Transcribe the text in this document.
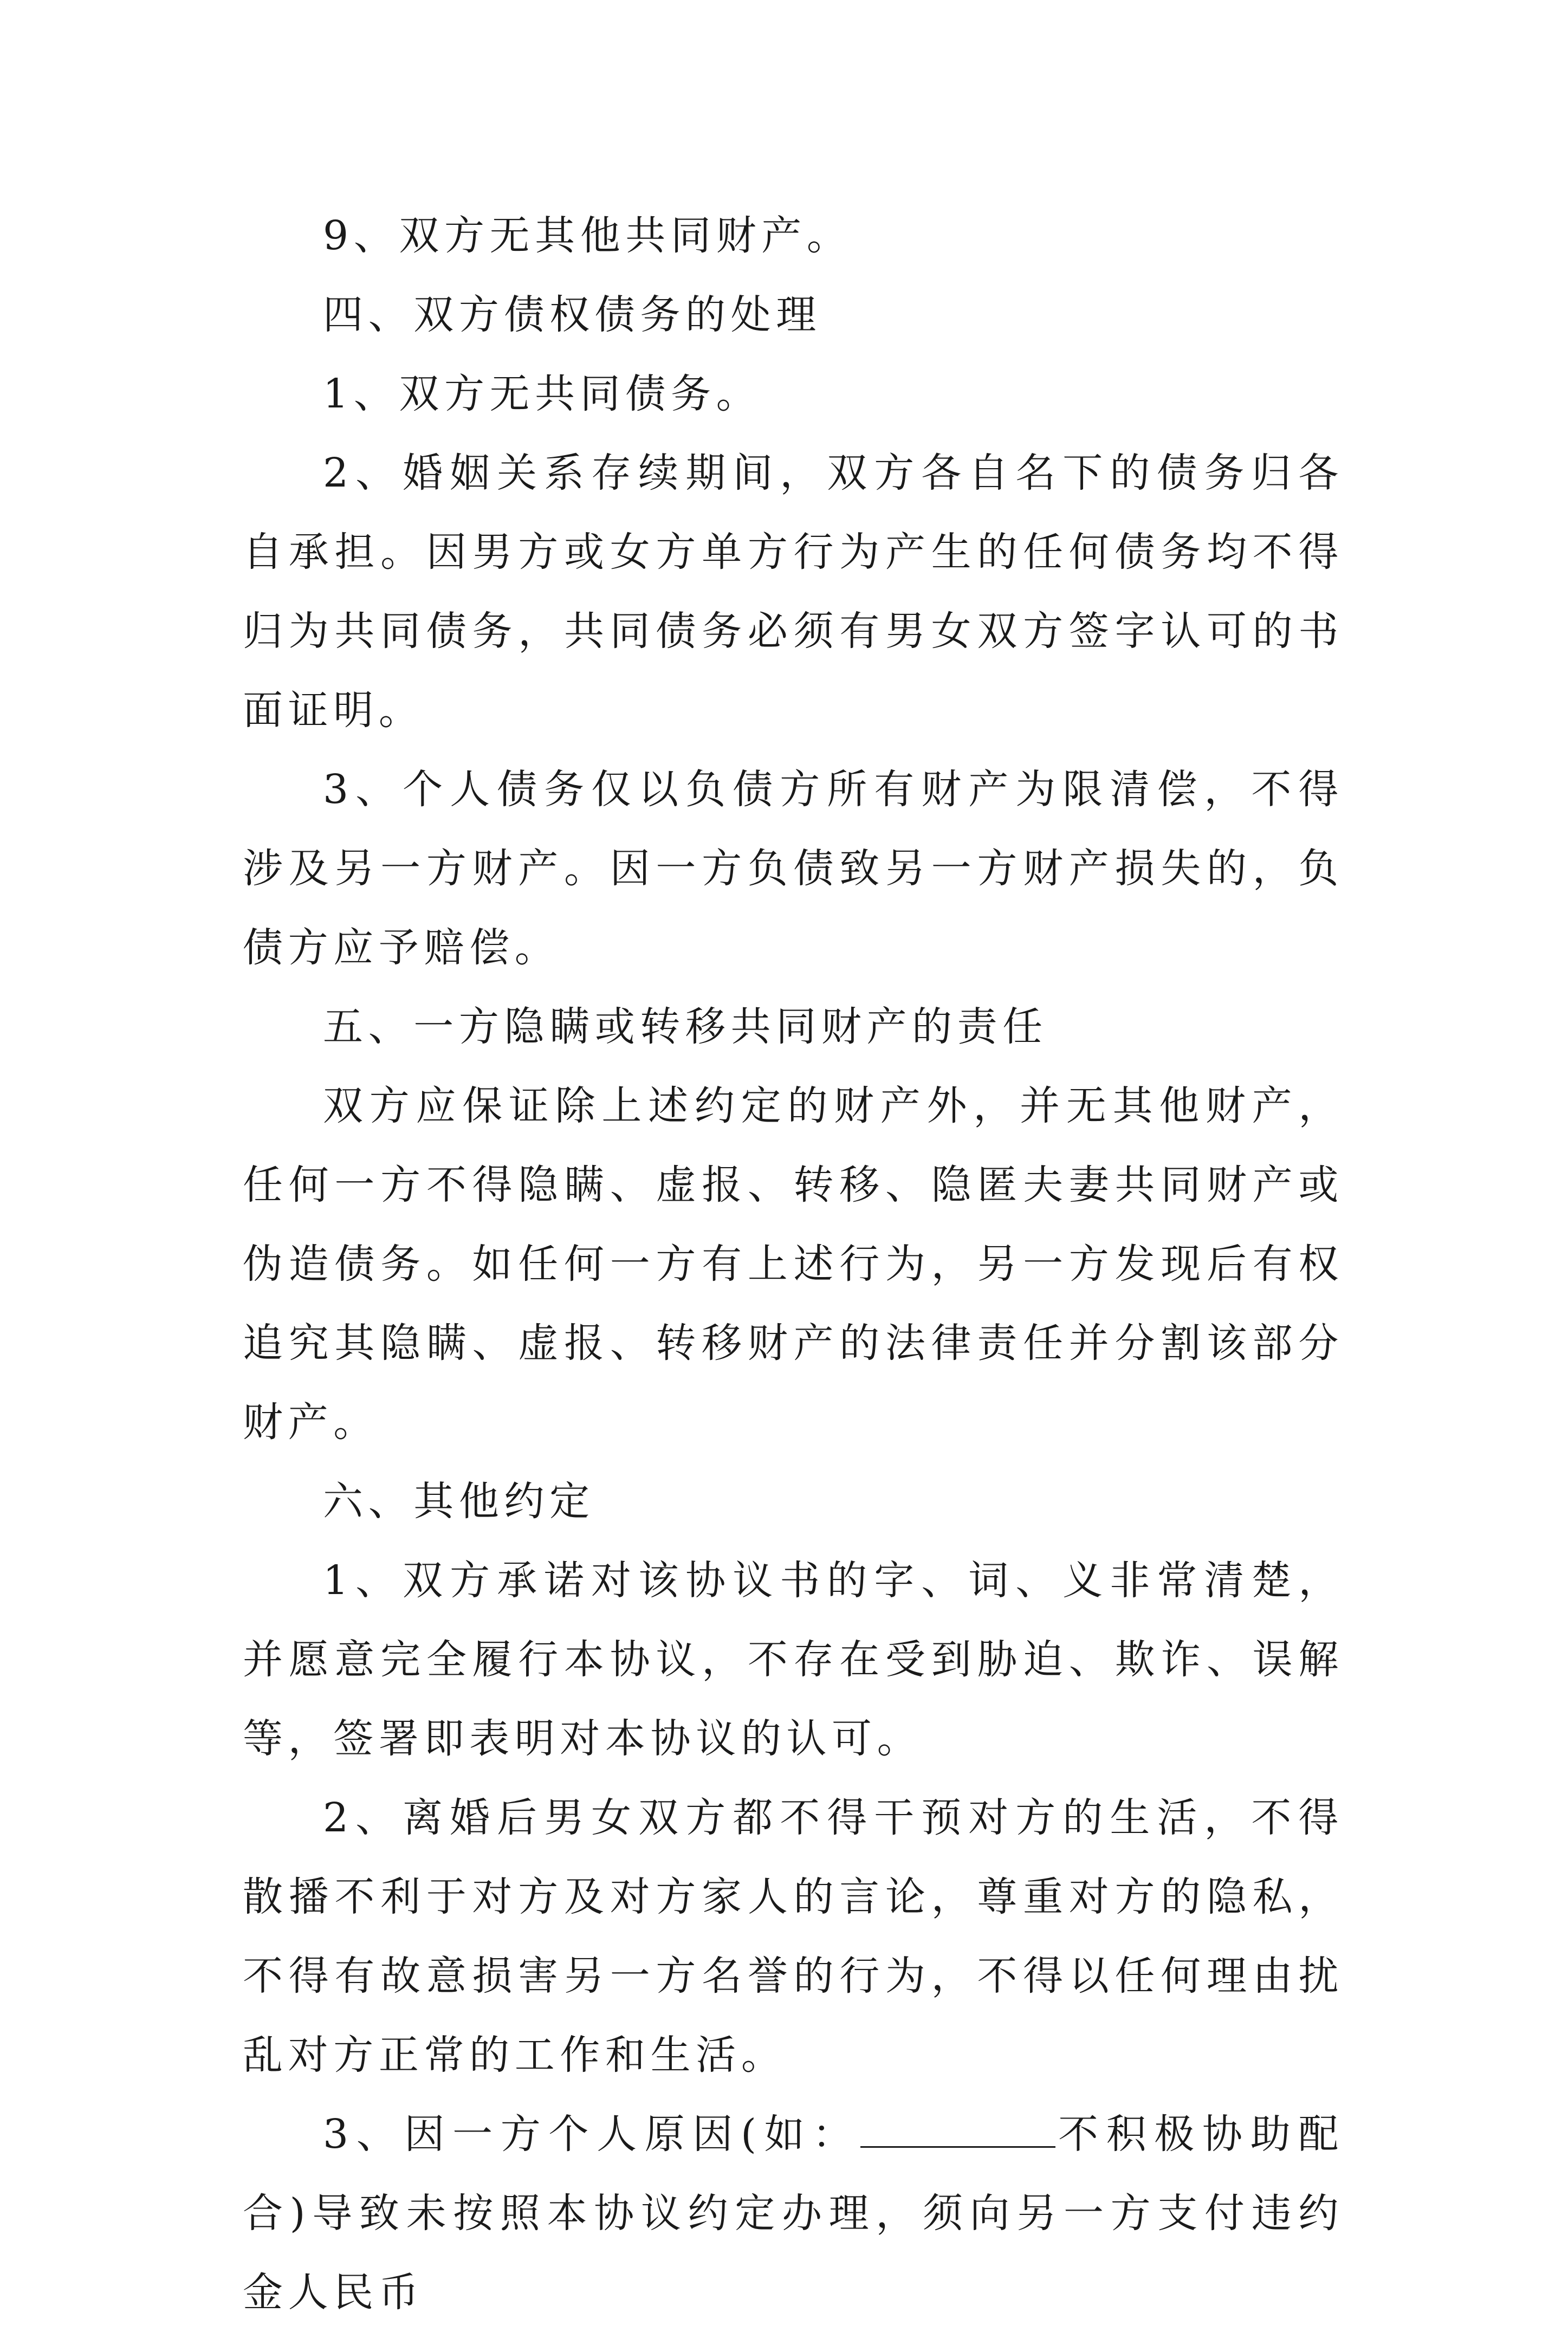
9、双方无其他共同财产。

四、双方债权债务的处理

1、双方无共同债务。

2、婚姻关系存续期间，双方各自名下的债务归各自承担。因男方或女方单方行为产生的任何债务均不得归为共同债务，共同债务必须有男女双方签字认可的书面证明。

3、个人债务仅以负债方所有财产为限清偿，不得涉及另一方财产。因一方负债致另一方财产损失的，负债方应予赔偿。

五、一方隐瞒或转移共同财产的责任

双方应保证除上述约定的财产外，并无其他财产，任何一方不得隐瞒、虚报、转移、隐匿夫妻共同财产或伪造债务。如任何一方有上述行为，另一方发现后有权追究其隐瞒、虚报、转移财产的法律责任并分割该部分财产。

六、其他约定

1、双方承诺对该协议书的字、词、义非常清楚，并愿意完全履行本协议，不存在受到胁迫、欺诈、误解等，签署即表明对本协议的认可。

2、离婚后男女双方都不得干预对方的生活，不得散播不利于对方及对方家人的言论，尊重对方的隐私，不得有故意损害另一方名誉的行为，不得以任何理由扰乱对方正常的工作和生活。

3、因一方个人原因(如：	不积极协助配合)导致未按照本协议约定办理，须向另一方支付违约金人民币
